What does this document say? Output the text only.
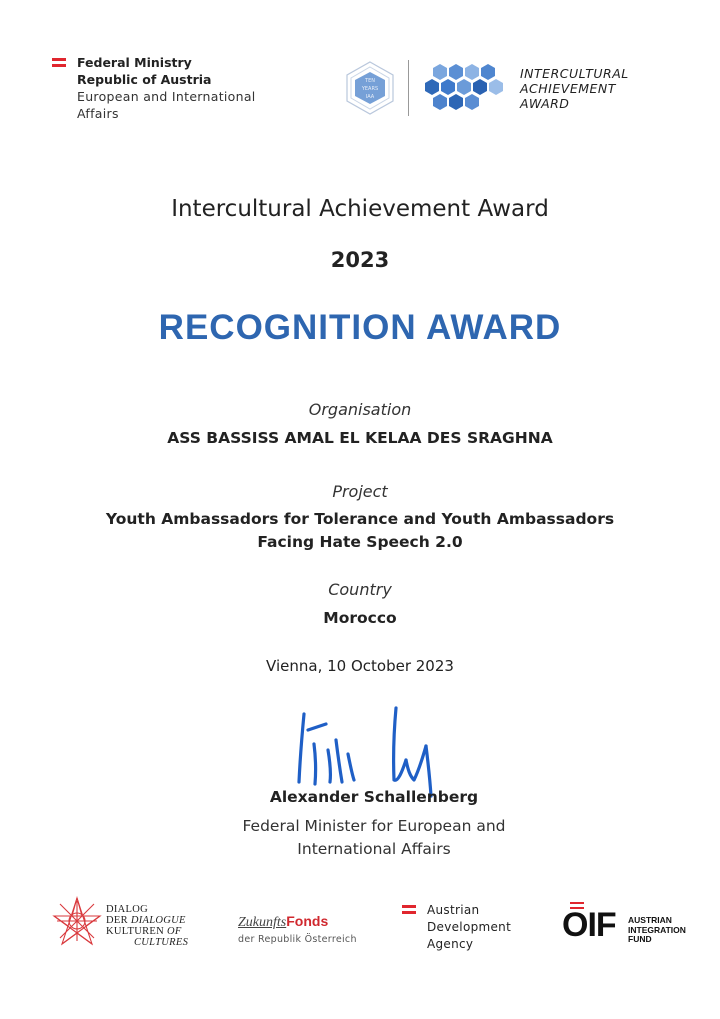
Federal Ministry
Republic of Austria
European and International
Affairs
TEN
YEARS
IAA
INTERCULTURAL
ACHIEVEMENT
AWARD
Intercultural Achievement Award
2023
RECOGNITION AWARD
Organisation
ASS BASSISS AMAL EL KELAA DES SRAGHNA
Project
Youth Ambassadors for Tolerance and Youth Ambassadors
Facing Hate Speech 2.0
Country
Morocco
Vienna, 10 October 2023
Alexander Schallenberg
Federal Minister for European and
International Affairs
DIALOG
DER DIALOGUE
KULTUREN OF
CULTURES
ZukunftsFonds
der Republik Österreich
Austrian
Development
Agency	OIF AUSTRIAN
INTEGRATION
FUND
